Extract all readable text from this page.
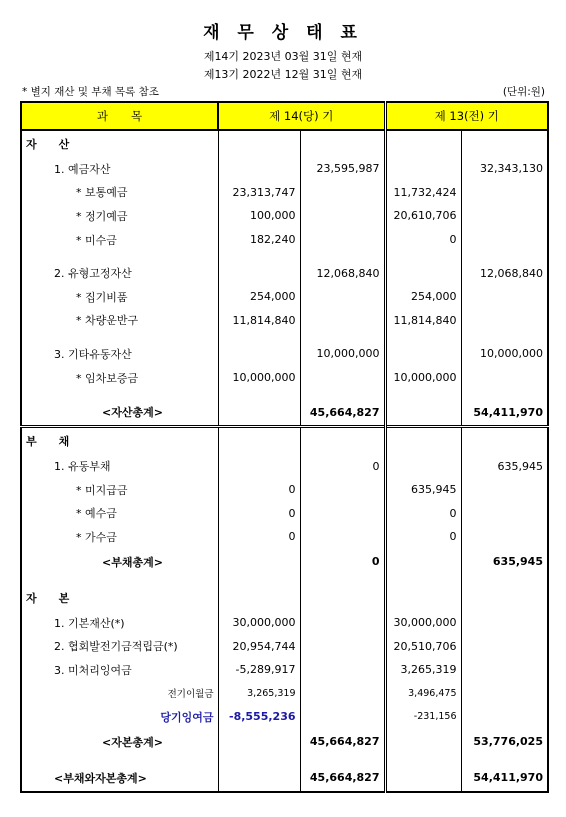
재 무 상 태 표
제14기 2023년 03월 31일 현재
제13기 2022년 12월 31일 현재
* 별지 재산 및 부채 목록 참조	(단위:원)
과　　목	제 14(당) 기		제 13(전) 기	
자　　산				
1. 예금자산		23,595,987		32,343,130
* 보통예금	23,313,747		11,732,424	
* 정기예금	100,000		20,610,706	
* 미수금	182,240		0	

2. 유형고정자산		12,068,840		12,068,840
* 집기비품	254,000		254,000	
* 차량운반구	11,814,840		11,814,840	

3. 기타유동자산		10,000,000		10,000,000
* 임차보증금	10,000,000		10,000,000	

<자산총계>		45,664,827		54,411,970
부　　채				
1. 유동부채		0		635,945
* 미지급금	0		635,945	
* 예수금	0		0	
* 가수금	0		0	
<부채총계>		0		635,945

자　　본				
1. 기본재산(*)	30,000,000		30,000,000	
2. 협회발전기금적립금(*)	20,954,744		20,510,706	
3. 미처리잉여금	-5,289,917		3,265,319	
전기이월금	3,265,319		3,496,475	
당기잉여금	-8,555,236		-231,156	
<자본총계>		45,664,827		53,776,025

<부채와자본총계>		45,664,827		54,411,970
